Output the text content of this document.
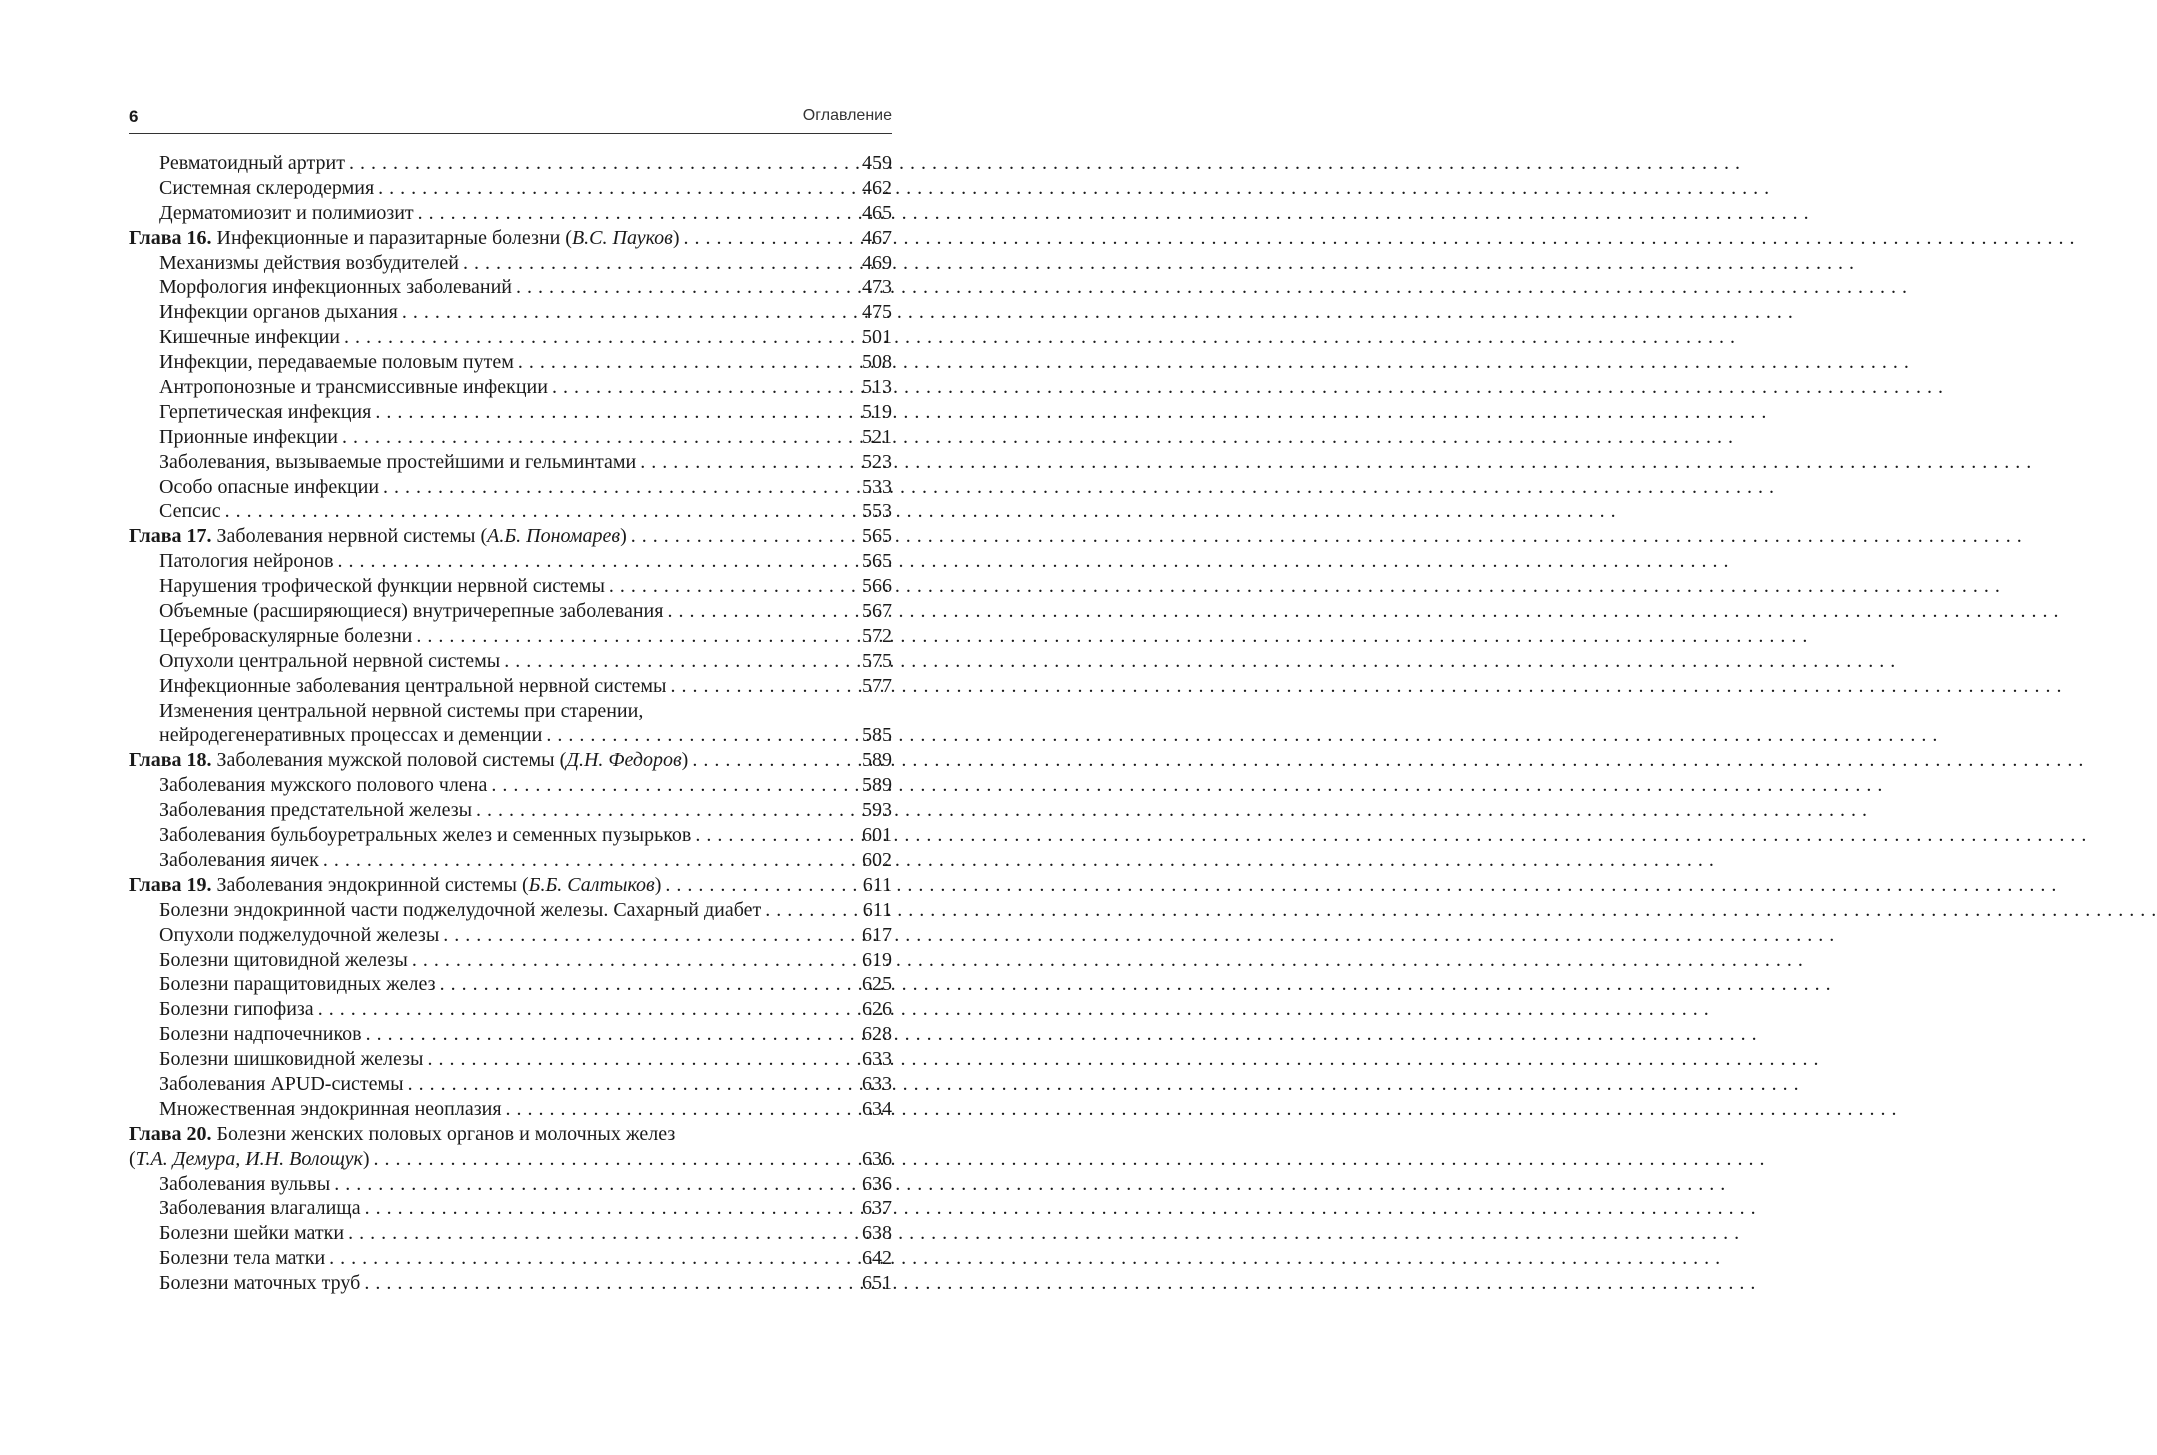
6	Оглавление
Ревматоидный артрит . . .	459
Системная склеродермия . . .	462
Дерматомиозит и полимиозит . . .	465
Глава 16. Инфекционные и паразитарные болезни (В.С. Пауков) . . .	467
Механизмы действия возбудителей . . .	469
Морфология инфекционных заболеваний . . .	473
Инфекции органов дыхания . . .	475
Кишечные инфекции . . .	501
Инфекции, передаваемые половым путем . . .	508
Антропонозные и трансмиссивные инфекции . . .	513
Герпетическая инфекция . . .	519
Прионные инфекции . . .	521
Заболевания, вызываемые простейшими и гельминтами . . .	523
Особо опасные инфекции . . .	533
Сепсис . . .	553
Глава 17. Заболевания нервной системы (А.Б. Пономарев) . . .	565
Патология нейронов . . .	565
Нарушения трофической функции нервной системы . . .	566
Объемные (расширяющиеся) внутричерепные заболевания . . .	567
Цереброваскулярные болезни . . .	572
Опухоли центральной нервной системы . . .	575
Инфекционные заболевания центральной нервной системы . . .	577
Изменения центральной нервной системы при старении,
нейродегенеративных процессах и деменции . . .	585
Глава 18. Заболевания мужской половой системы (Д.Н. Федоров) . . .	589
Заболевания мужского полового члена . . .	589
Заболевания предстательной железы . . .	593
Заболевания бульбоуретральных желез и семенных пузырьков . . .	601
Заболевания яичек . . .	602
Глава 19. Заболевания эндокринной системы (Б.Б. Салтыков) . . .	611
Болезни эндокринной части поджелудочной железы. Сахарный диабет . . .	611
Опухоли поджелудочной железы . . .	617
Болезни щитовидной железы . . .	619
Болезни паращитовидных желез . . .	625
Болезни гипофиза . . .	626
Болезни надпочечников . . .	628
Болезни шишковидной железы . . .	633
Заболевания APUD-системы . . .	633
Множественная эндокринная неоплазия . . .	634
Глава 20. Болезни женских половых органов и молочных желез
(Т.А. Демура, И.Н. Волощук) . . .	636
Заболевания вульвы . . .	636
Заболевания влагалища . . .	637
Болезни шейки матки . . .	638
Болезни тела матки . . .	642
Болезни маточных труб . . .	651
